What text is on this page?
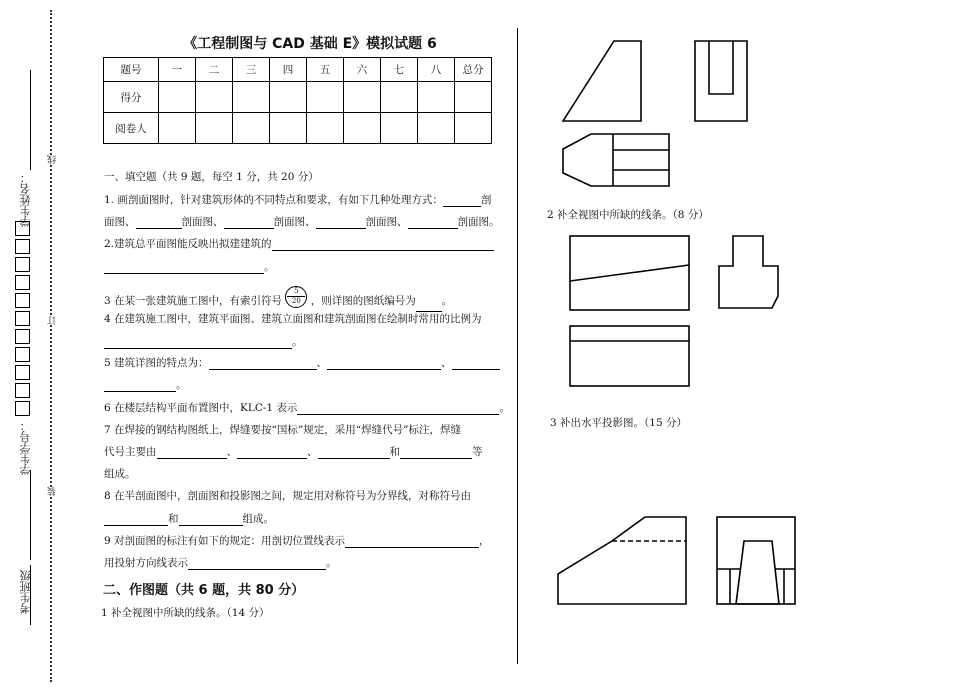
考生班级
学生学号：
学生姓名：
线
订
装
《工程制图与 CAD 基础 E》模拟试题 6
题号	一	二	三	四	五	六	七	八	总分
得分									
阅卷人									
一、填空题（共 9 题，每空 1 分，共 20 分）
1. 画剖面图时，针对建筑形体的不同特点和要求，有如下几种处理方式：	剖
面图、	剖面图、	剖面图、	剖面图、	剖面图。
2.建筑总平面图能反映出拟建建筑的
。
3 在某一张建筑施工图中，有索引符号 $\frac{5}{20}$ ，则详图的图纸编号为 。
4 在建筑施工图中，建筑平面图、建筑立面图和建筑剖面图在绘制时常用的比例为
。
5 建筑详图的特点为：	、	、
。
6 在楼层结构平面布置图中，KLC-1 表示	。
7 在焊接的钢结构图纸上，焊缝要按“国标”规定，采用“焊缝代号”标注，焊缝
代号主要由	、	、	和	等
组成。
8 在半剖面图中，剖面图和投影图之间，规定用对称符号为分界线，对称符号由
和	组成。
9 对剖面图的标注有如下的规定：用剖切位置线表示	，
用投射方向线表示	。
二、作图题（共 6 题，共 80 分）
1 补全视图中所缺的线条。（14 分）
2 补全视图中所缺的线条。（8 分）
3 补出水平投影图。（15 分）
